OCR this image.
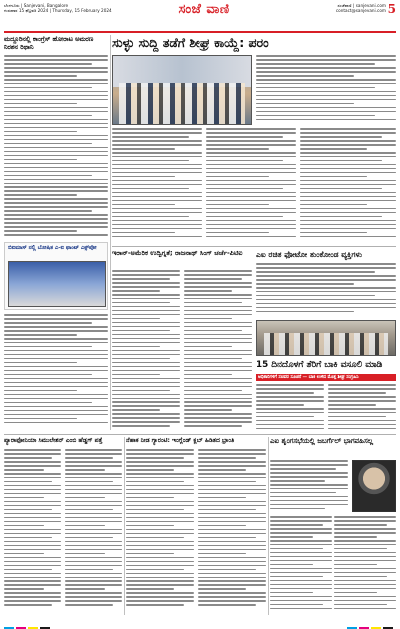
ಬೆಂಗಳೂರು | Sanjevani, Bangalore
ಗುರುವಾರ 15 ಫೆಬ್ರವರಿ 2024 | Thursday, 15 February 2024	ಸಂಜೆ ವಾಣಿ	ಸಂಜೆವಾಣಿ | sanjevani.com
contact@sanjevani.com 5
ಮದ್ದೂರಿನಲ್ಲಿ ಕಾಂಗ್ರೆಸ್ ಹೋರಾಟ ಅಮರಣ ನಿರಶನ ರಿಥಾನಿ	ಸುಳ್ಳು ಸುದ್ದಿ ತಡೆಗೆ ಶೀಘ್ರ ಕಾಯ್ದೆ: ಪರಂ
ಬಿಐಮಾಸ್ ನಲ್ಲಿ ಬೋಷಿತ ಎ-ಐ ಫಾಂಟ್ ಎಕ್ಸ್‌ಪೋ
ಇರಾನ್-ಅಮೆರಿಕ ಉದ್ವಿಗ್ನತೆ; ರಾಜನಾಥ್ ಸಿಂಗ್ ಚರ್ಚೆ-ಪಿಟಿಐ	ಎಐ ರಚಿತ ಫೋಟೋ ತುಂಕೋಂಡ ವ್ಯಕ್ತಿಗಳು
15 ದಿನದೊಳಗೆ ತೆರಿಗೆ ಬಾಕಿ ವಸೂಲಿ ಮಾಡಿ
ಅಧಿಕಾರಿಗಳಿಗೆ ಸಚಿವರ ಸೂಚನೆ — ಬಾಕಿ ಉಳಿದ ಮೊತ್ತ ಶೀಘ್ರ ಸಂಗ್ರಹಿಸಿ
ಪ್ಯಾರಾಫೋನಿಯಾ ಸಿಮುಲೇಶನ್ ಎಂಬಿ ಹೆಡ್ಡಗ್ ಪತ್ತೆ	ನೆಹಾಕ ನೀಡ ಗ್ಯಾರಂಟಿ: ಇಂಗ್ಲೆಂಡ್ ಕ್ಲಬ್ ಹಿಡಿತದ ಭ್ರಾಂತಿ	ಎಐ ಶೃಂಗಸಭೆಯಲ್ಲಿ ಜಬರ್ಗೆಲ್ ಭಾಗವಹಿಸಲ್ಲ
